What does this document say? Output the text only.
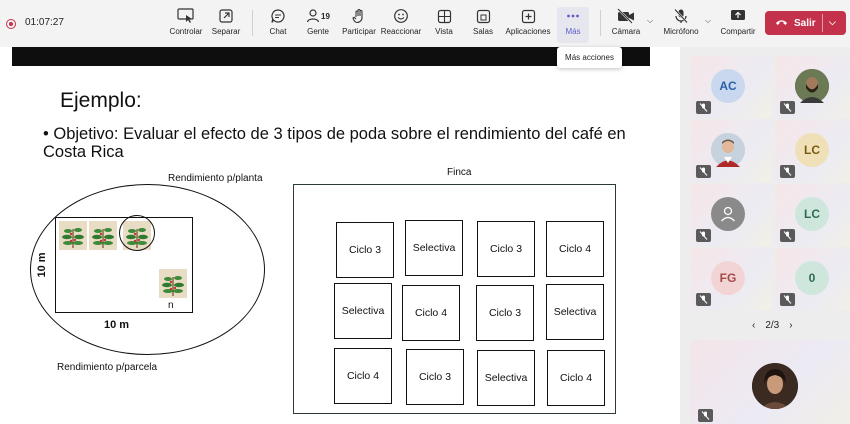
01:07:27
Controlar Separar	Chat
19
Gente Participar Reaccionar Vista	Salas Aplicaciones Más	Cámara
⌵
Micrófono
⌵
Compartir
Salir ⌵
Ejemplo:
• Objetivo: Evaluar el efecto de 3 tipos de poda sobre el rendimiento del café en Costa Rica
Rendimiento p/planta
Finca
n
10 m
10 m
Rendimiento p/parcela
Ciclo 3	Selectiva	Ciclo 3	Ciclo 4
Selectiva	Ciclo 4	Ciclo 3	Selectiva
Ciclo 4	Ciclo 3	Selectiva	Ciclo 4
Más acciones
AC
LC
LC
FG	0
‹ 2/3 ›
